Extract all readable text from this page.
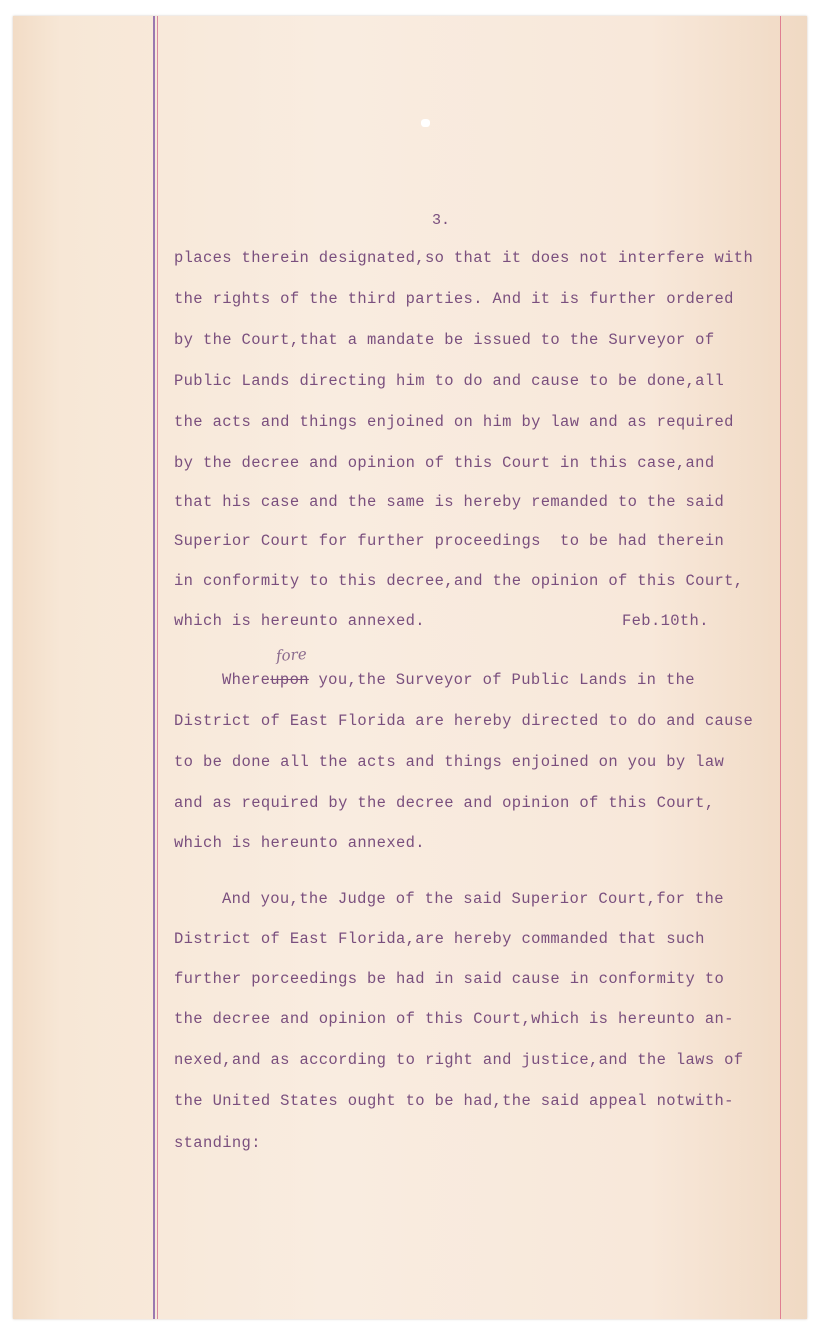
3.
places therein designated,so that it does not interfere with
the rights of the third parties. And it is further ordered
by the Court,that a mandate be issued to the Surveyor of
Public Lands directing him to do and cause to be done,all
the acts and things enjoined on him by law and as required
by the decree and opinion of this Court in this case,and
that his case and the same is hereby remanded to the said
Superior Court for further proceedings  to be had therein
in conformity to this decree,and the opinion of this Court,
which is hereunto annexed.	Feb.10th.
fore
Whereupon you,the Surveyor of Public Lands in the
District of East Florida are hereby directed to do and cause
to be done all the acts and things enjoined on you by law
and as required by the decree and opinion of this Court,
which is hereunto annexed.
And you,the Judge of the said Superior Court,for the
District of East Florida,are hereby commanded that such
further porceedings be had in said cause in conformity to
the decree and opinion of this Court,which is hereunto an-
nexed,and as according to right and justice,and the laws of
the United States ought to be had,the said appeal notwith-
standing:
